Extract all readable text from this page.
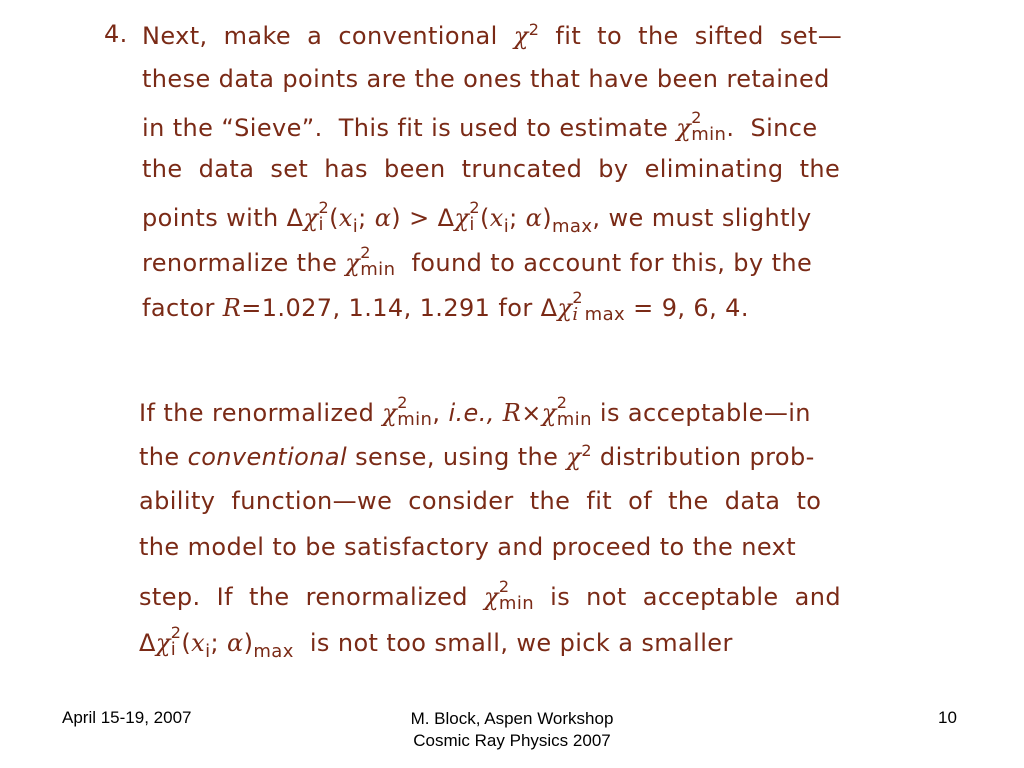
4. Next,  make  a  conventional  $\chi^2$  fit  to  the  sifted  set—
these data points are the ones that have been retained
in the “Sieve”.  This fit is used to estimate χ 2
min .  Since
the  data  set  has  been  truncated  by  eliminating  the
points with Δχ 2
i ($x_i$; α) > Δχ 2
i ($x_i$; $\alpha)_{max}$, we must slightly
renormalize the χ 2
min found to account for this, by the
factor R=1.027, 1.14, 1.291 for Δχ 2
i max = 9, 6, 4.
If the renormalized χ 2
min , i.e., R×χ 2
min is acceptable—in
the conventional sense, using the $\chi^2$ distribution prob-
ability  function—we  consider  the  fit  of  the  data  to
the model to be satisfactory and proceed to the next
step.  If  the  renormalized  χ 2
min is  not  acceptable  and
Δχ 2
i ($x_i$; $\alpha)_{max}$  is not too small, we pick a smaller
April 15-19, 2007	M. Block, Aspen Workshop
Cosmic Ray Physics 2007
10
